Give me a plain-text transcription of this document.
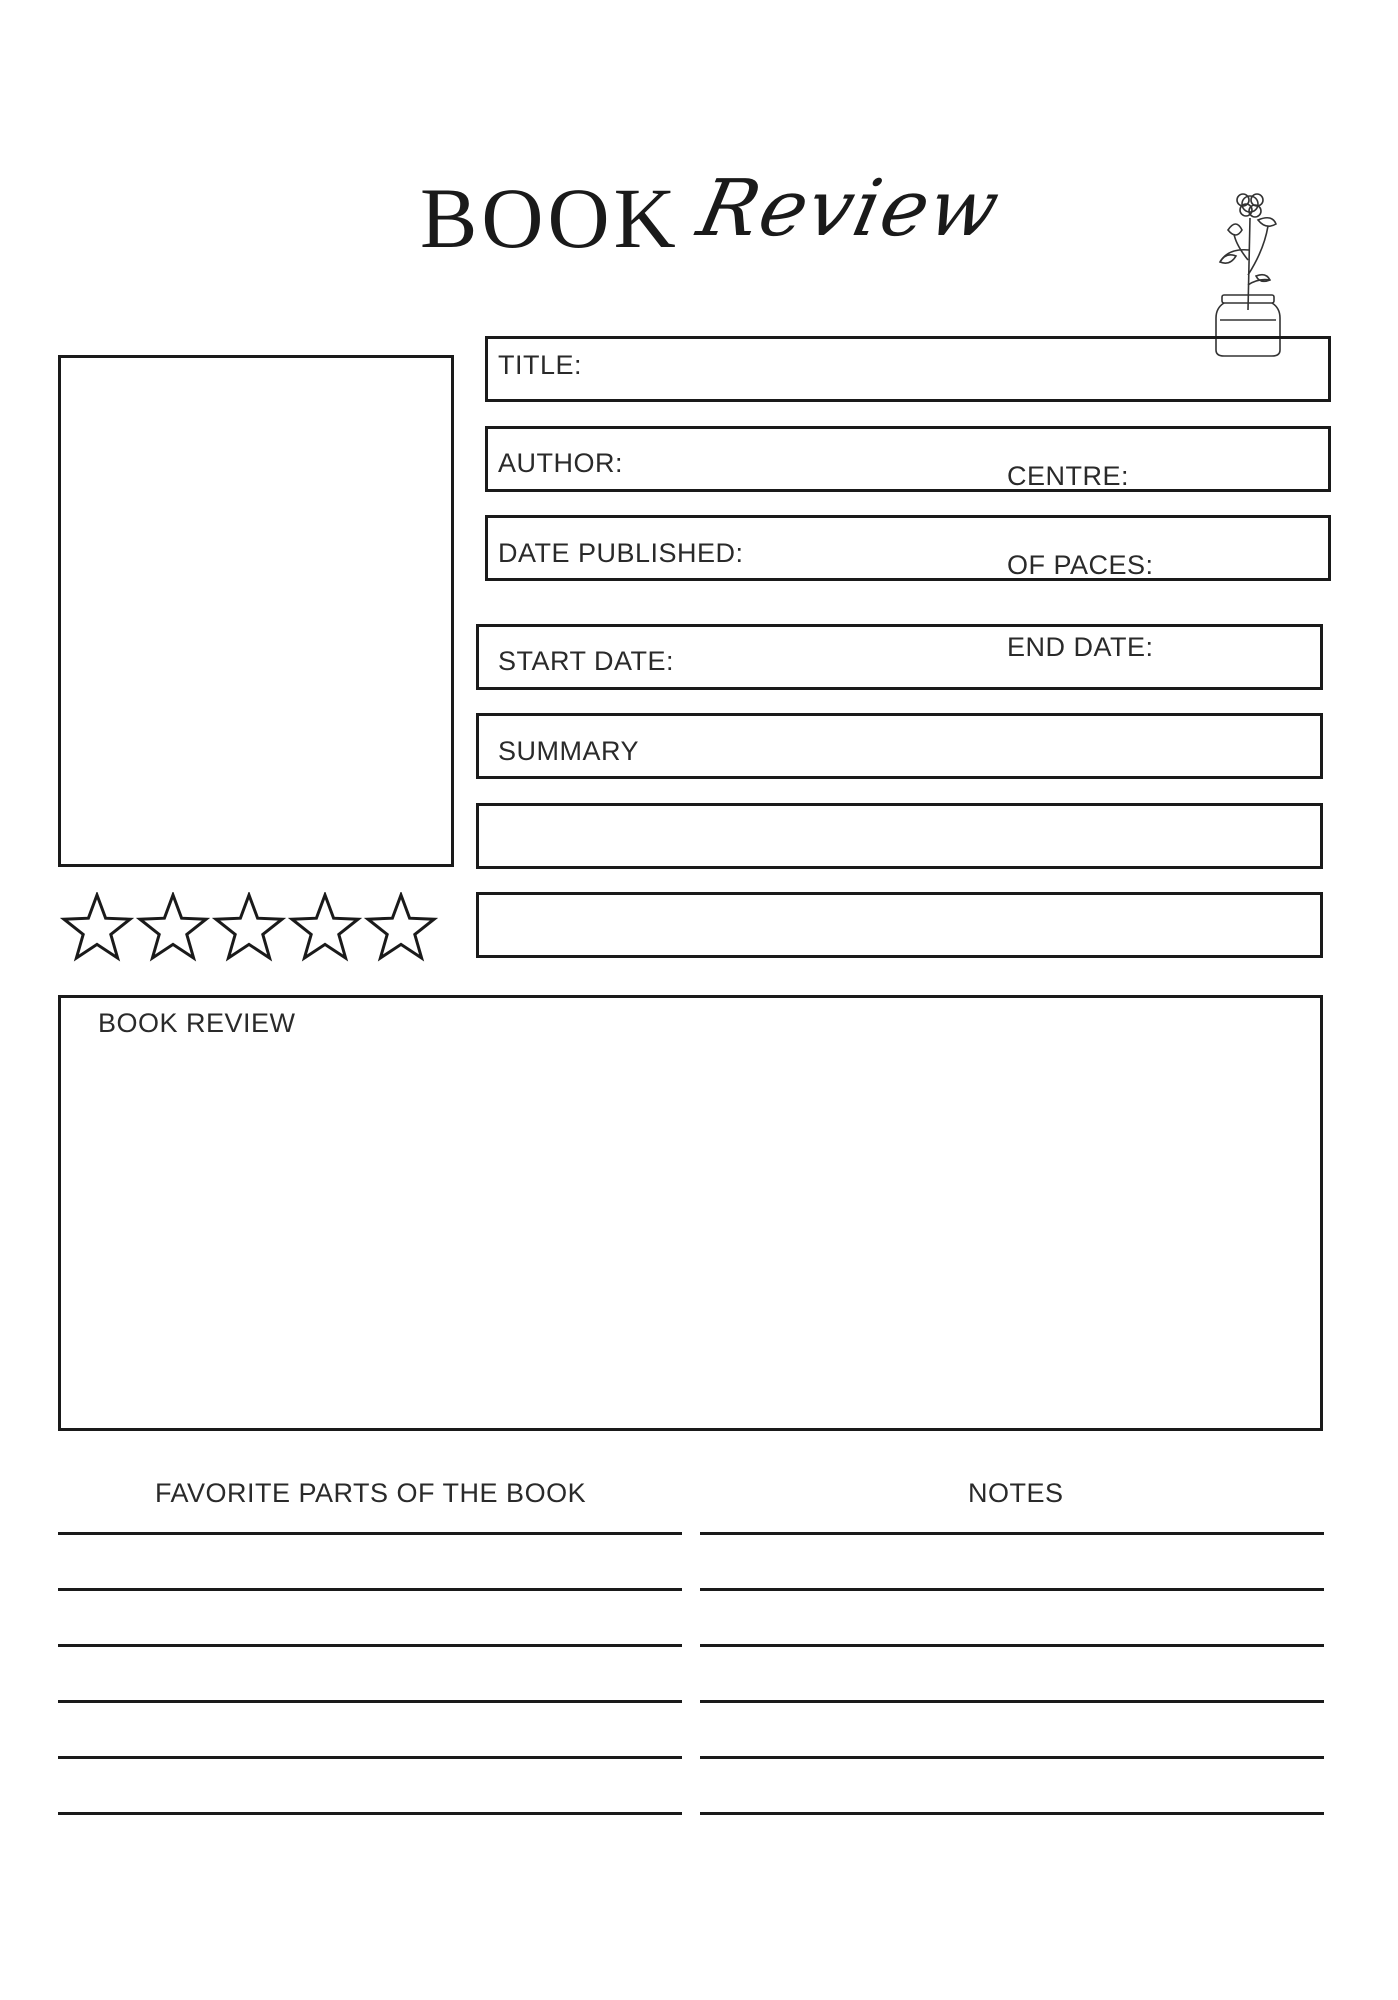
BOOK Review
TITLE:
AUTHOR:	CENTRE:
DATE PUBLISHED:	OF PACES:
START DATE:	END DATE:
SUMMARY
BOOK REVIEW
FAVORITE PARTS OF THE BOOK	NOTES
